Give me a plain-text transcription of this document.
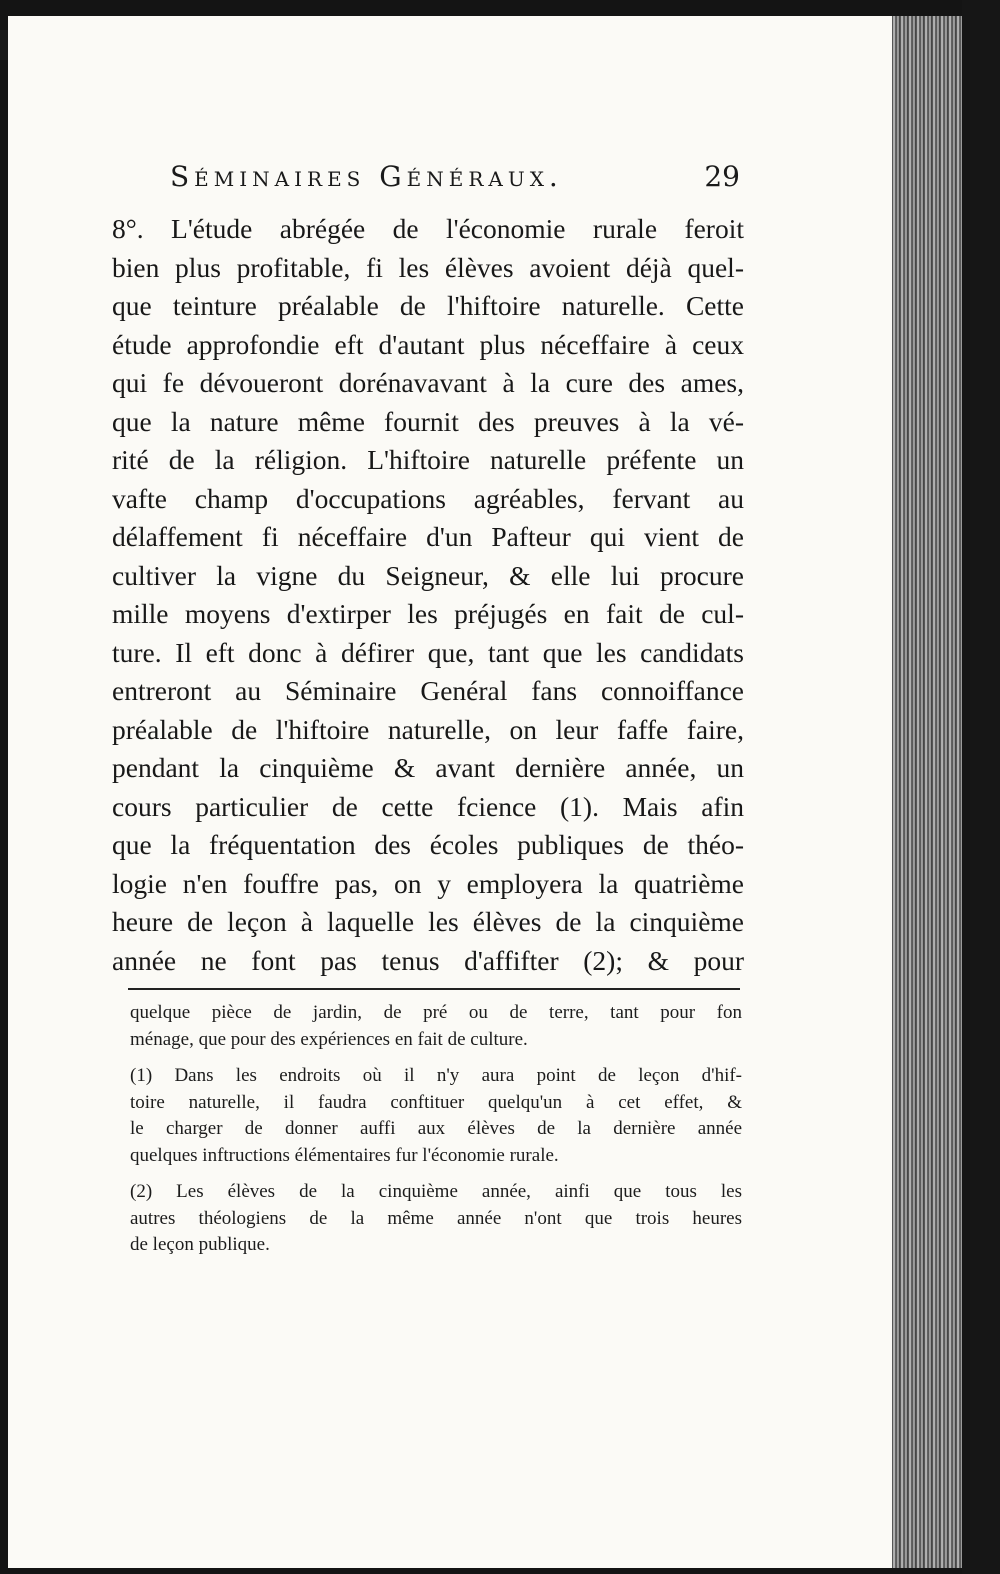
Séminaires Généraux.	29
8°. L'étude abrégée de l'économie rurale feroit
bien plus profitable, fi les élèves avoient déjà quel-
que teinture préalable de l'hiftoire naturelle. Cette
étude approfondie eft d'autant plus néceffaire à ceux
qui fe dévoueront dorénavavant à la cure des ames,
que la nature même fournit des preuves à la vé-
rité de la réligion. L'hiftoire naturelle préfente un
vafte champ d'occupations agréables, fervant au
délaffement fi néceffaire d'un Pafteur qui vient de
cultiver la vigne du Seigneur, & elle lui procure
mille moyens d'extirper les préjugés en fait de cul-
ture. Il eft donc à défirer que, tant que les candidats
entreront au Séminaire Genéral fans connoiffance
préalable de l'hiftoire naturelle, on leur faffe faire,
pendant la cinquième & avant dernière année, un
cours particulier de cette fcience (1). Mais afin
que la fréquentation des écoles publiques de théo-
logie n'en fouffre pas, on y employera la quatrième
heure de leçon à laquelle les élèves de la cinquième
année ne font pas tenus d'affifter (2); & pour
quelque pièce de jardin, de pré ou de terre, tant pour fon
ménage, que pour des expériences en fait de culture.
(1) Dans les endroits où il n'y aura point de leçon d'hif-
toire naturelle, il faudra conftituer quelqu'un à cet effet, &
le charger de donner auffi aux élèves de la dernière année
quelques inftructions élémentaires fur l'économie rurale.
(2) Les élèves de la cinquième année, ainfi que tous les
autres théologiens de la même année n'ont que trois heures
de leçon publique.
